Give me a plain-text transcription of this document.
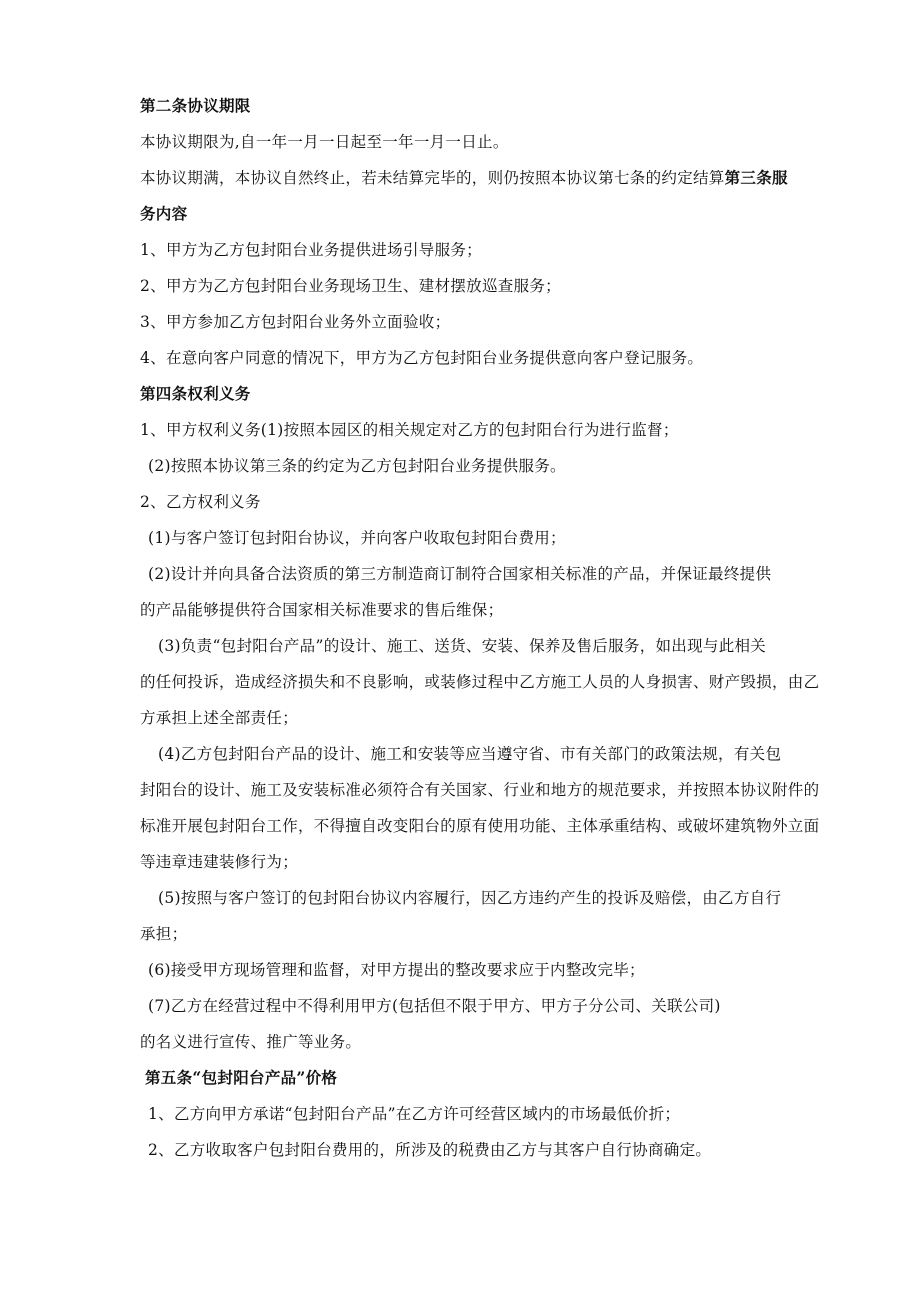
第二条协议期限

本协议期限为,自一年一月一日起至一年一月一日止。

本协议期满，本协议自然终止，若未结算完毕的，则仍按照本协议第七条的约定结算第三条服

务内容

1、甲方为乙方包封阳台业务提供进场引导服务；

2、甲方为乙方包封阳台业务现场卫生、建材摆放巡查服务；

3、甲方参加乙方包封阳台业务外立面验收；

4、在意向客户同意的情况下，甲方为乙方包封阳台业务提供意向客户登记服务。

第四条权利义务

1、甲方权利义务(1)按照本园区的相关规定对乙方的包封阳台行为进行监督；

(2)按照本协议第三条的约定为乙方包封阳台业务提供服务。

2、乙方权利义务

(1)与客户签订包封阳台协议，并向客户收取包封阳台费用；

(2)设计并向具备合法资质的第三方制造商订制符合国家相关标准的产品，并保证最终提供

的产品能够提供符合国家相关标准要求的售后维保；

(3)负责“包封阳台产品”的设计、施工、送货、安装、保养及售后服务，如出现与此相关

的任何投诉，造成经济损失和不良影响，或装修过程中乙方施工人员的人身损害、财产毁损，由乙

方承担上述全部责任；

(4)乙方包封阳台产品的设计、施工和安装等应当遵守省、市有关部门的政策法规，有关包

封阳台的设计、施工及安装标准必须符合有关国家、行业和地方的规范要求，并按照本协议附件的

标准开展包封阳台工作，不得擅自改变阳台的原有使用功能、主体承重结构、或破坏建筑物外立面

等违章违建装修行为；

(5)按照与客户签订的包封阳台协议内容履行，因乙方违约产生的投诉及赔偿，由乙方自行

承担；

(6)接受甲方现场管理和监督，对甲方提出的整改要求应于内整改完毕；

(7)乙方在经营过程中不得利用甲方(包括但不限于甲方、甲方子分公司、关联公司)

的名义进行宣传、推广等业务。

第五条“包封阳台产品”价格

1、乙方向甲方承诺“包封阳台产品”在乙方许可经营区域内的市场最低价折；

2、乙方收取客户包封阳台费用的，所涉及的税费由乙方与其客户自行协商确定。
